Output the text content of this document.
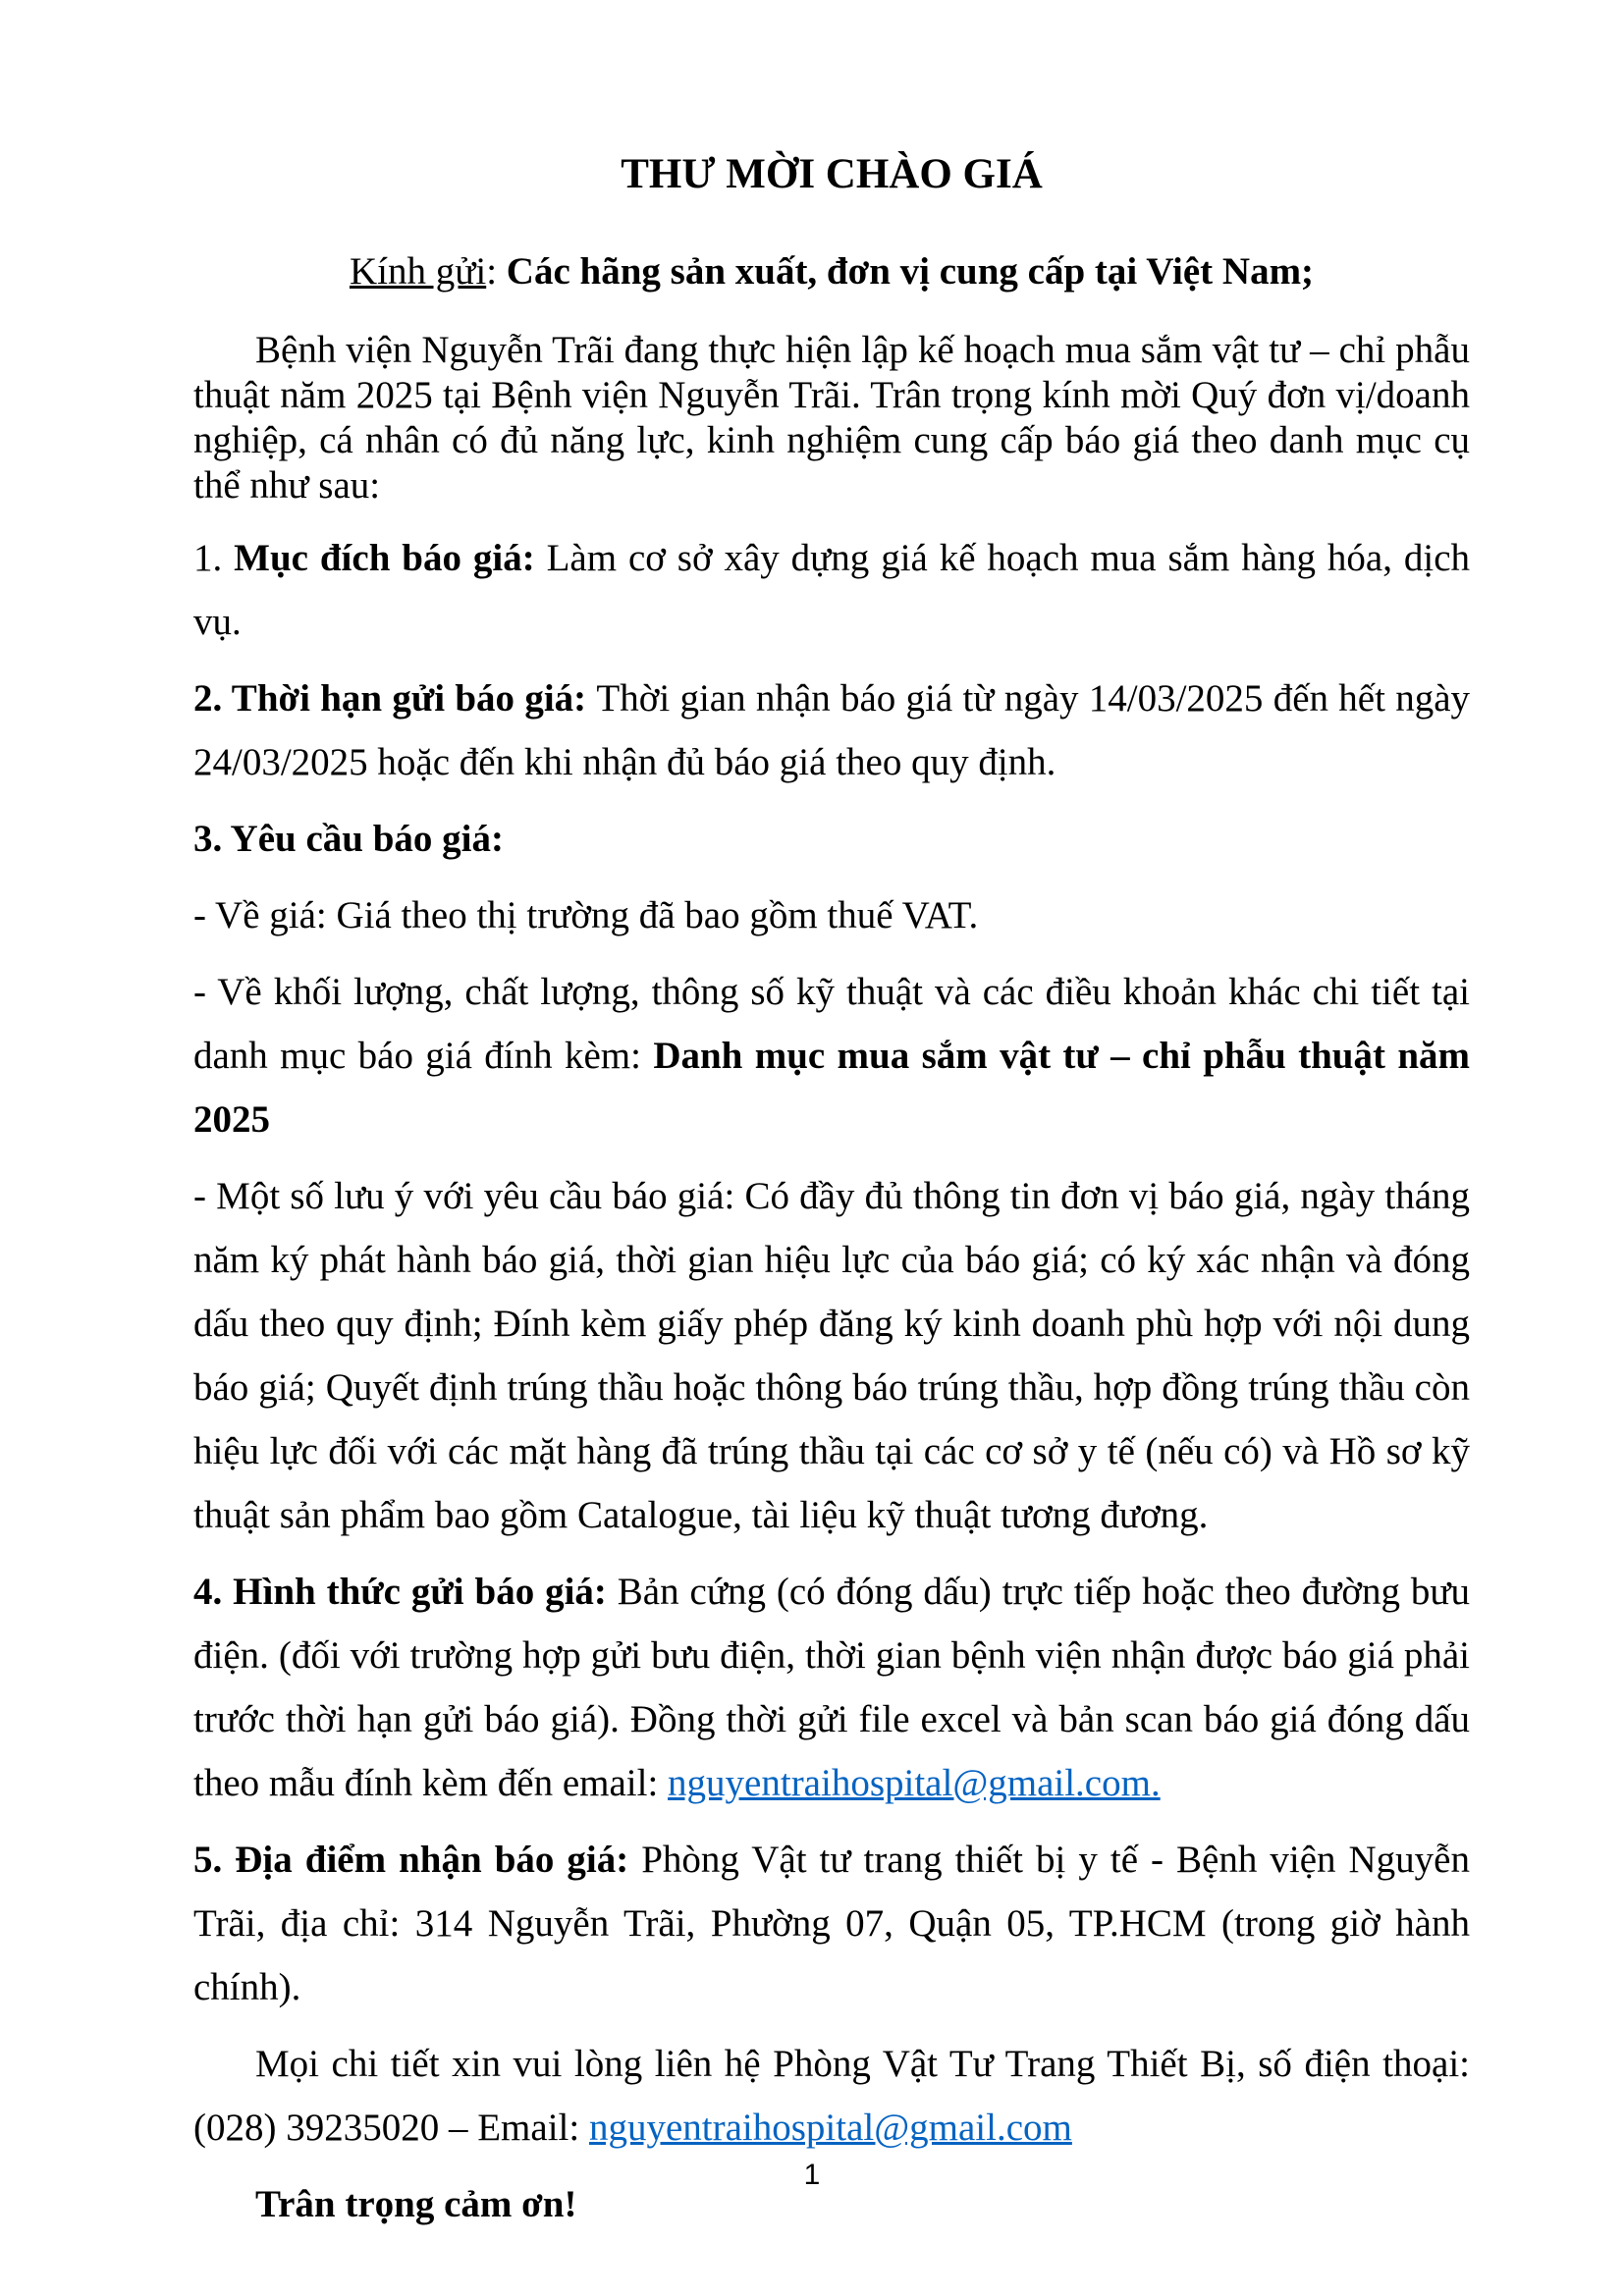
THƯ MỜI CHÀO GIÁ

Kính gửi: Các hãng sản xuất, đơn vị cung cấp tại Việt Nam;

Bệnh viện Nguyễn Trãi đang thực hiện lập kế hoạch mua sắm vật tư – chỉ phẫu thuật năm 2025 tại Bệnh viện Nguyễn Trãi. Trân trọng kính mời Quý đơn vị/doanh nghiệp, cá nhân có đủ năng lực, kinh nghiệm cung cấp báo giá theo danh mục cụ thể như sau:

1. Mục đích báo giá: Làm cơ sở xây dựng giá kế hoạch mua sắm hàng hóa, dịch vụ.

2. Thời hạn gửi báo giá: Thời gian nhận báo giá từ ngày 14/03/2025 đến hết ngày 24/03/2025 hoặc đến khi nhận đủ báo giá theo quy định.

3. Yêu cầu báo giá:

- Về giá: Giá theo thị trường đã bao gồm thuế VAT.

- Về khối lượng, chất lượng, thông số kỹ thuật và các điều khoản khác chi tiết tại danh mục báo giá đính kèm: Danh mục mua sắm vật tư – chỉ phẫu thuật năm 2025

- Một số lưu ý với yêu cầu báo giá: Có đầy đủ thông tin đơn vị báo giá, ngày tháng năm ký phát hành báo giá, thời gian hiệu lực của báo giá; có ký xác nhận và đóng dấu theo quy định; Đính kèm giấy phép đăng ký kinh doanh phù hợp với nội dung báo giá; Quyết định trúng thầu hoặc thông báo trúng thầu, hợp đồng trúng thầu còn hiệu lực đối với các mặt hàng đã trúng thầu tại các cơ sở y tế (nếu có) và Hồ sơ kỹ thuật sản phẩm bao gồm Catalogue, tài liệu kỹ thuật tương đương.

4. Hình thức gửi báo giá: Bản cứng (có đóng dấu) trực tiếp hoặc theo đường bưu điện. (đối với trường hợp gửi bưu điện, thời gian bệnh viện nhận được báo giá phải trước thời hạn gửi báo giá). Đồng thời gửi file excel và bản scan báo giá đóng dấu theo mẫu đính kèm đến email: nguyentraihospital@gmail.com.

5. Địa điểm nhận báo giá: Phòng Vật tư trang thiết bị y tế - Bệnh viện Nguyễn Trãi, địa chỉ: 314 Nguyễn Trãi, Phường 07, Quận 05, TP.HCM (trong giờ hành chính).

Mọi chi tiết xin vui lòng liên hệ Phòng Vật Tư Trang Thiết Bị, số điện thoại: (028) 39235020 – Email: nguyentraihospital@gmail.com

Trân trọng cảm ơn!

1
